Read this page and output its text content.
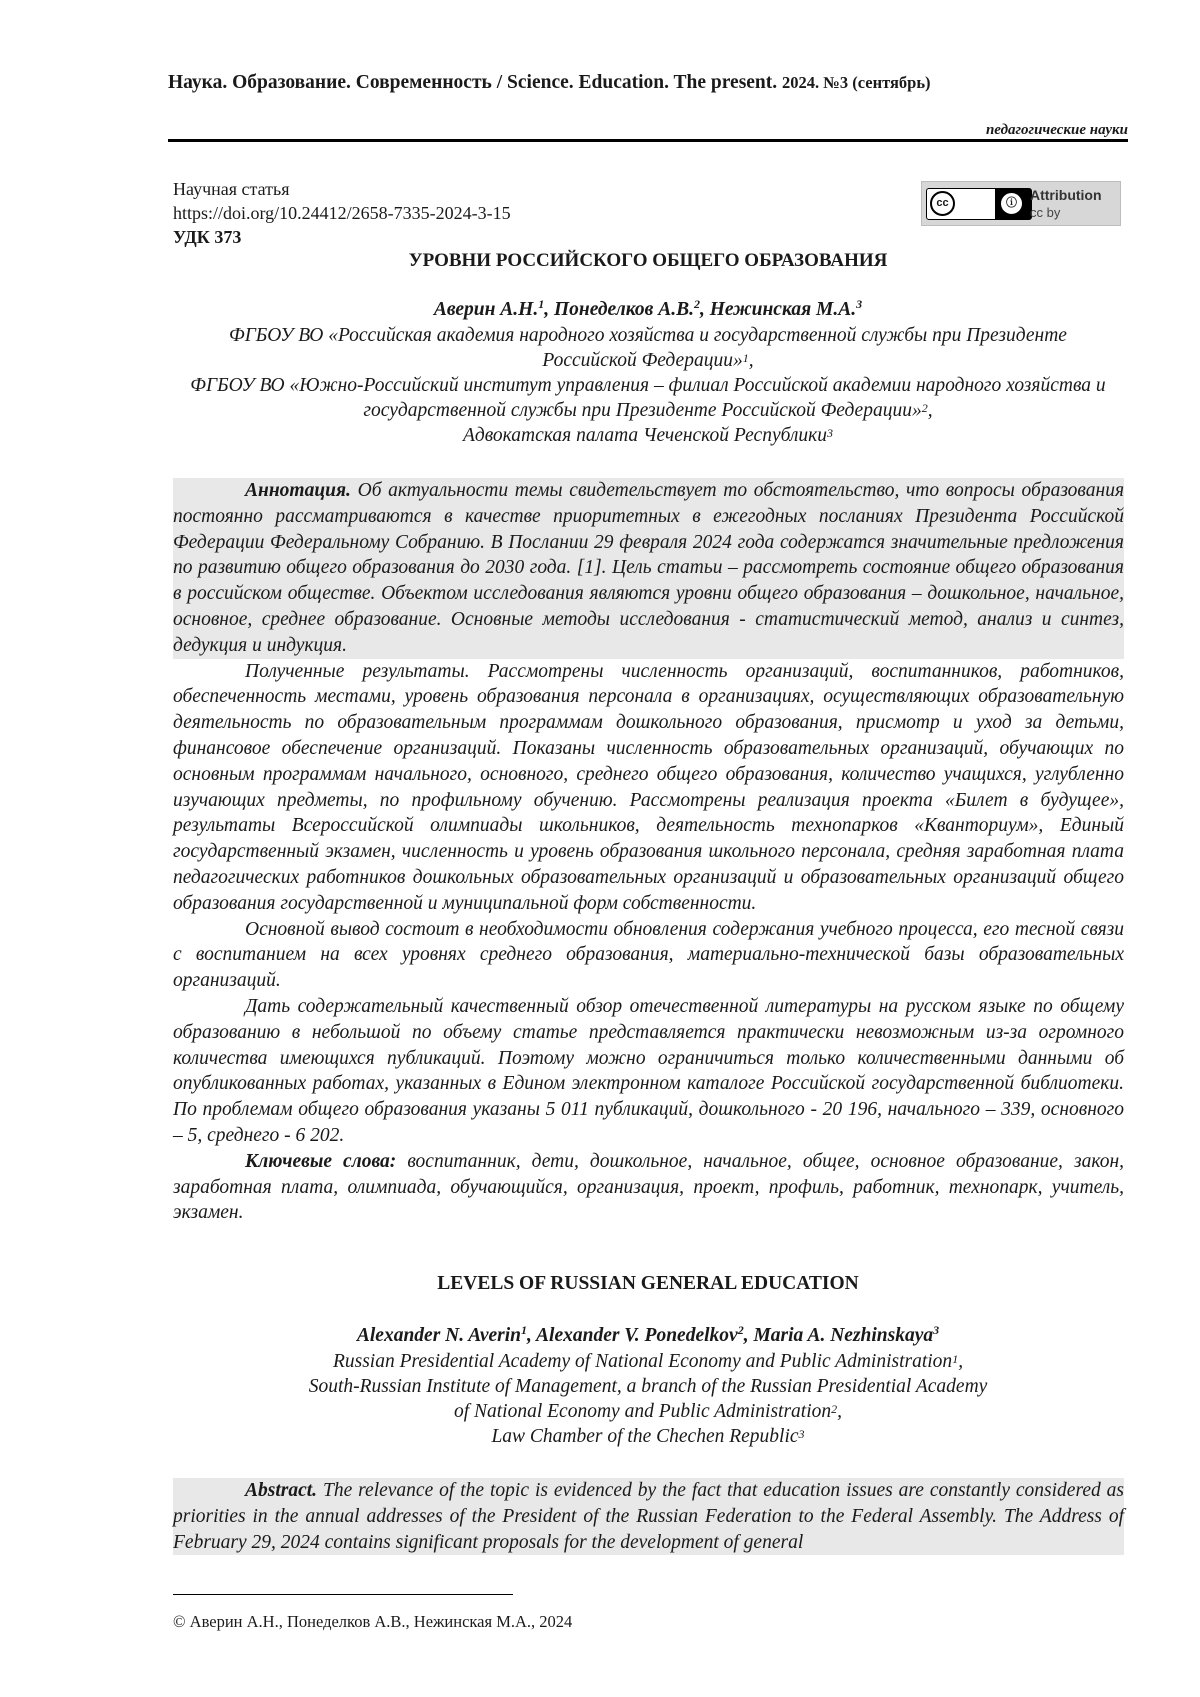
Наука. Образование. Современность / Science. Education. The present. 2024. №3 (сентябрь)
педагогические науки
Научная статья
https://doi.org/10.24412/2658-7335-2024-3-15
УДК 373
cc	ⓘ Attribution
cc by
УРОВНИ РОССИЙСКОГО ОБЩЕГО ОБРАЗОВАНИЯ
Аверин А.Н.$^1$, Понеделков А.В.$^2$, Нежинская М.А.$^3$
ФГБОУ ВО «Российская академия народного хозяйства и государственной службы при Президенте Российской Федерации»$^1$,
ФГБОУ ВО «Южно-Российский институт управления – филиал Российской академии народного хозяйства и государственной службы при Президенте Российской Федерации»$^2$,
Адвокатская палата Чеченской Республики$^3$

Аннотация. Об актуальности темы свидетельствует то обстоятельство, что вопросы образования постоянно рассматриваются в качестве приоритетных в ежегодных посланиях Президента Российской Федерации Федеральному Собранию. В Послании 29 февраля 2024 года содержатся значительные предложения по развитию общего образования до 2030 года. [1]. Цель статьи – рассмотреть состояние общего образования в российском обществе. Объектом исследования являются уровни общего образования – дошкольное, начальное, основное, среднее образование. Основные методы исследования - статистический метод, анализ и синтез, дедукция и индукция.

Полученные результаты. Рассмотрены численность организаций, воспитанников, работников, обеспеченность местами, уровень образования персонала в организациях, осуществляющих образовательную деятельность по образовательным программам дошкольного образования, присмотр и уход за детьми, финансовое обеспечение организаций. Показаны численность образовательных организаций, обучающих по основным программам начального, основного, среднего общего образования, количество учащихся, углубленно изучающих предметы, по профильному обучению. Рассмотрены реализация проекта «Билет в будущее», результаты Всероссийской олимпиады школьников, деятельность технопарков «Кванториум», Единый государственный экзамен, численность и уровень образования школьного персонала, средняя заработная плата педагогических работников дошкольных образовательных организаций и образовательных организаций общего образования государственной и муниципальной форм собственности.

Основной вывод состоит в необходимости обновления содержания учебного процесса, его тесной связи с воспитанием на всех уровнях среднего образования, материально-технической базы образовательных организаций.

Дать содержательный качественный обзор отечественной литературы на русском языке по общему образованию в небольшой по объему статье представляется практически невозможным из-за огромного количества имеющихся публикаций. Поэтому можно ограничиться только количественными данными об опубликованных работах, указанных в Едином электронном каталоге Российской государственной библиотеки. По проблемам общего образования указаны 5 011 публикаций, дошкольного - 20 196, начального – 339, основного – 5, среднего - 6 202.

Ключевые слова: воспитанник, дети, дошкольное, начальное, общее, основное образование, закон, заработная плата, олимпиада, обучающийся, организация, проект, профиль, работник, технопарк, учитель, экзамен.

LEVELS OF RUSSIAN GENERAL EDUCATION
Alexander N. Averin$^1$, Alexander V. Ponedelkov$^2$, Maria A. Nezhinskaya$^3$
Russian Presidential Academy of National Economy and Public Administration$^1$,
South-Russian Institute of Management, a branch of the Russian Presidential Academy of National Economy and Public Administration$^2$,
Law Chamber of the Chechen Republic$^3$

Abstract. The relevance of the topic is evidenced by the fact that education issues are constantly considered as priorities in the annual addresses of the President of the Russian Federation to the Federal Assembly. The Address of February 29, 2024 contains significant proposals for the development of general

© Аверин А.Н., Понеделков А.В., Нежинская М.А., 2024
